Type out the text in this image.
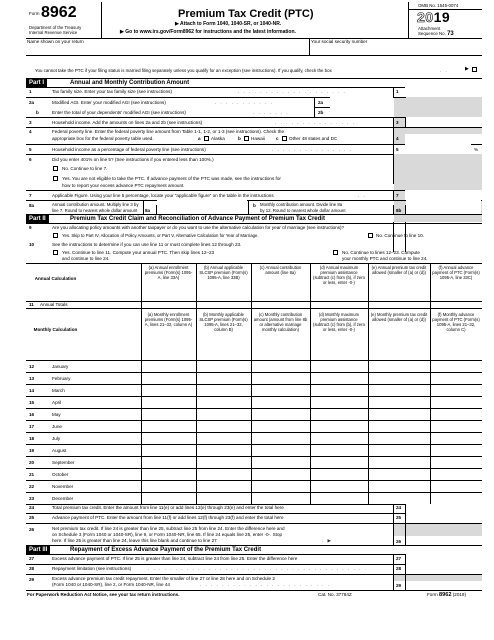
Form 8962
Department of the Treasury
Internal Revenue Service
Premium Tax Credit (PTC)
▶ Attach to Form 1040, 1040-SR, or 1040-NR.
▶ Go to www.irs.gov/Form8962 for instructions and the latest information.
OMB No. 1545-0074
2019
Attachment
Sequence No. 73
Name shown on your return	Your social security number
You cannot take the PTC if your filing status is married filing separately unless you qualify for an exception (see instructions). If you qualify, check the box	. .	▶
Part I	Annual and Monthly Contribution Amount
1	Tax family size. Enter your tax family size (see instructions)	. . . . . . . . . . . . . . . . . . . .	1
2a	Modified AGI. Enter your modified AGI (see instructions)	. . . . . . . . . . .	2a
b	Enter the total of your dependents' modified AGI (see instructions)	. . . . . . .	2b
3	Household income. Add the amounts on lines 2a and 2b (see instructions)	. . . . . . . . . . . . . . .	3
4	Federal poverty line. Enter the federal poverty line amount from Table 1-1, 1-2, or 1-3 (see instructions). Check the
appropriate box for the federal poverty table used.	a Alaska	b Hawaii c Other 48 states and DC	4
5	Household income as a percentage of federal poverty line (see instructions)	. . . . . . . . . . . . . . .	5	%
6	Did you enter 401% on line 5? (See instructions if you entered less than 100%.)
No. Continue to line 7.
Yes. You are not eligible to take the PTC. If advance payment of the PTC was made, see the instructions for
how to report your excess advance PTC repayment amount.
7	Applicable Figure. Using your line 5 percentage, locate your “applicable figure” on the table in the instructions	. .	7
8a	Annual contribution amount. Multiply line 3 by
line 7. Round to nearest whole dollar amount 8a
b Monthly contribution amount. Divide line 8a
by 12. Round to nearest whole dollar amount	8b
Part II	Premium Tax Credit Claim and Reconciliation of Advance Payment of Premium Tax Credit
9	Are you allocating policy amounts with another taxpayer or do you want to use the alternative calculation for year of marriage (see instructions)?
Yes. Skip to Part IV, Allocation of Policy Amounts, or Part V, Alternative Calculation for Year of Marriage.	No. Continue to line 10.
10	See the instructions to determine if you can use line 11 or must complete lines 12 through 23.
Yes. Continue to line 11. Compute your annual PTC. Then skip lines 12–23
and continue to line 24.
No. Continue to lines 12–23. Compute
your monthly PTC and continue to line 24.
Annual Calculation
(a) Annual enrollment premiums (Form(s) 1095-A, line 33A)
(b) Annual applicable SLCSP premium (Form(s) 1095-A, line 33B)
(c) Annual contribution amount (line 8a)
(d) Annual maximum premium assistance (subtract (c) from (b), if zero or less, enter -0-)
(e) Annual premium tax credit allowed (smaller of (a) or (d))
(f) Annual advance payment of PTC (Form(s) 1095-A, line 33C)
11 Annual Totals
Monthly Calculation
(a) Monthly enrollment premiums (Form(s) 1095-A, lines 21–32, column A)
(b) Monthly applicable SLCSP premium (Form(s) 1095-A, lines 21–32, column B)
(c) Monthly contribution amount (amount from line 8b or alternative marriage monthly calculation)
(d) Monthly maximum premium assistance (subtract (c) from (b), if zero or less, enter -0-)
(e) Monthly premium tax credit allowed (smaller of (a) or (d))
(f) Monthly advance payment of PTC (Form(s) 1095-A, lines 21–32, column C)
12	January
13	February
14	March
15	April
16	May
17	June
18	July
19	August
20	September
21	October
22	November
23	December
24	Total premium tax credit. Enter the amount from line 11(e) or add lines 12(e) through 23(e) and enter the total here	24
25	Advance payment of PTC. Enter the amount from line 11(f) or add lines 12(f) through 23(f) and enter the total here	25
26	Net premium tax credit. If line 24 is greater than line 25, subtract line 25 from line 24. Enter the difference here and
on Schedule 3 (Form 1040 or 1040-SR), line 9, or Form 1040-NR, line 65. If line 24 equals line 25, enter -0-. Stop
here. If line 25 is greater than line 24, leave this line blank and continue to line 27	. ▶	26
Part III	Repayment of Excess Advance Payment of the Premium Tax Credit
27	Excess advance payment of PTC. If line 25 is greater than line 24, subtract line 24 from line 25. Enter the difference here	27
28	Repayment limitation (see instructions)	. . . . . . . . . . . . . . . . . . . . . . . . . . . . . . . . . . . . . . . .	28
29	Excess advance premium tax credit repayment. Enter the smaller of line 27 or line 28 here and on Schedule 2
(Form 1040 or 1040-SR), line 2, or Form 1040-NR, line 44	. . . . . . . . . . . . . . . . . . . . . . . .	29
For Paperwork Reduction Act Notice, see your tax return instructions.	Cat. No. 37784Z	Form 8962 (2019)
